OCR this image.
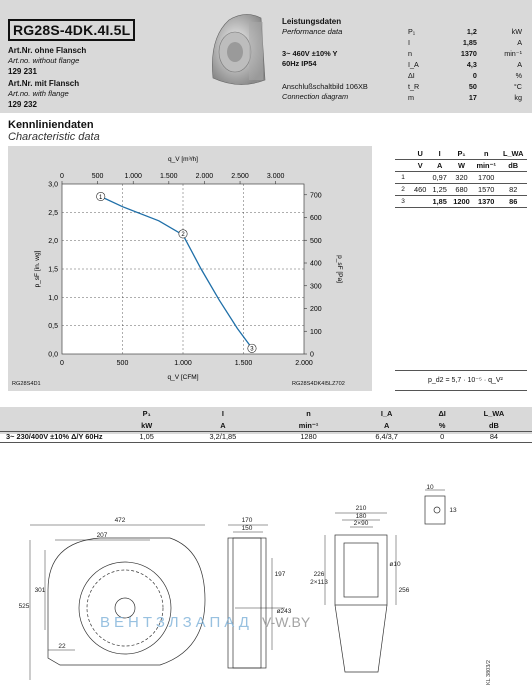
RG28S-4DK.4I.5L
Art.Nr. ohne Flansch
Art.no. without flange
129 231
Art.Nr. mit Flansch
Art.no. with flange
129 232
Leistungsdaten
Performance data
3~ 460V ±10% Y
60Hz IP54
Anschlußschaltbild 106XB
Connection diagram
P₁	1,2	kW
I	1,85	A
n	1370	min⁻¹
I_A	4,3	A
ΔI	0	%
t_R	50	°C
m	17	kg
Kennliniendaten
Characteristic data
0	500	1.000	1.500	2.000
0	500	1.000	1.500	2.000	2.500	3.000
0,0
0,5
1,0
1,5
2,0
2,5
3,0
0
100
200
300
400
500
600
700
q_V [m³/h]
q_V [CFM]
p_sF [in. wg]	p_sF [Pa]
1
2
3
RG28S4D1	RG28S4DK4I5LZ702
	U	I	P₁	n	L_WA
	V	A	W	min⁻¹	dB
1		0,97	320	1700	
2	460	1,25	680	1570	82
3		1,85	1200	1370	86
p_d2 = 5,7 · 10⁻⁵ · q_V²
	P₁	I	n	I_A	ΔI	L_WA
	kW	A	min⁻¹	A	%	dB
3~ 230/400V ±10% Δ/Y 60Hz	1,05	3,2/1,85	1280	6,4/3,7	0	84
472
207
301
525
22
170
150
197
ø243
210
180
2×90
ø10
226
2×113
256
10
13
ВЕНТЗЛЗАПАД V-W.BY
KL 3803/2
